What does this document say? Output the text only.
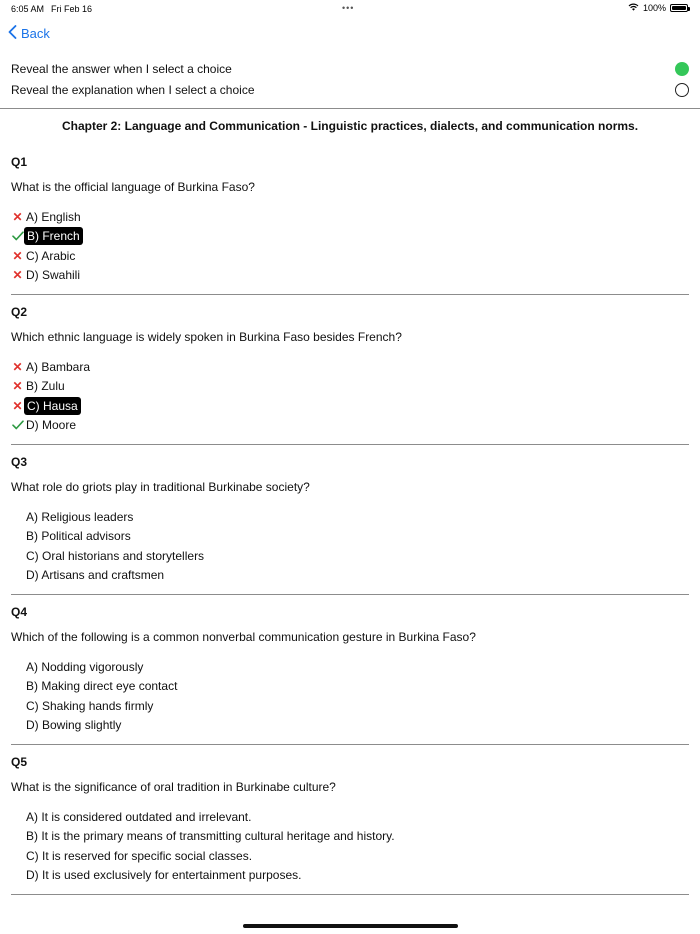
6:05 AM Fri Feb 16	•••	100%
Back
Reveal the answer when I select a choice
Reveal the explanation when I select a choice
Chapter 2: Language and Communication - Linguistic practices, dialects, and communication norms.
Q1
What is the official language of Burkina Faso?
✕ A) English
B) French
✕ C) Arabic
✕ D) Swahili
Q2
Which ethnic language is widely spoken in Burkina Faso besides French?
✕ A) Bambara
✕ B) Zulu
✕ C) Hausa
D) Moore
Q3
What role do griots play in traditional Burkinabe society?
A) Religious leaders
B) Political advisors
C) Oral historians and storytellers
D) Artisans and craftsmen
Q4
Which of the following is a common nonverbal communication gesture in Burkina Faso?
A) Nodding vigorously
B) Making direct eye contact
C) Shaking hands firmly
D) Bowing slightly
Q5
What is the significance of oral tradition in Burkinabe culture?
A) It is considered outdated and irrelevant.
B) It is the primary means of transmitting cultural heritage and history.
C) It is reserved for specific social classes.
D) It is used exclusively for entertainment purposes.
